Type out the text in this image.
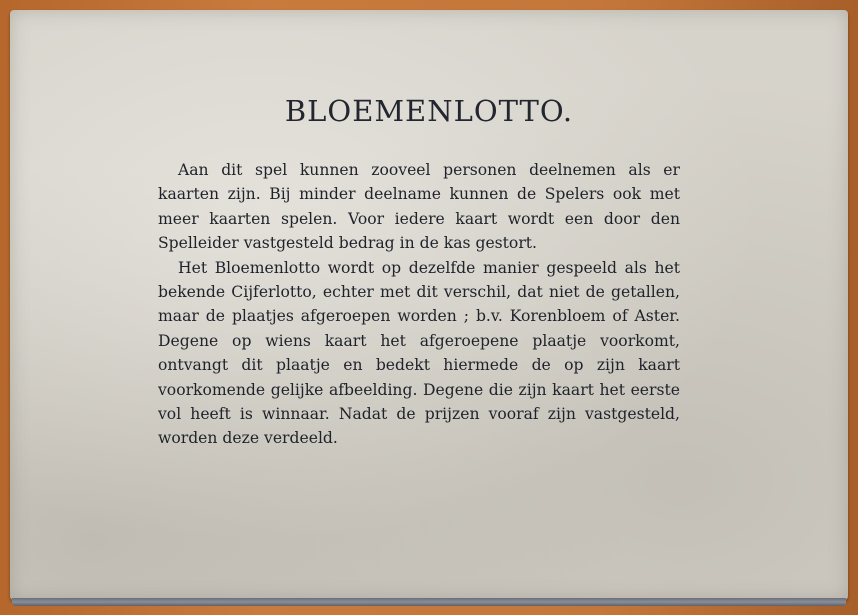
BLOEMENLOTTO.

Aan dit spel kunnen zooveel personen deelnemen als er kaarten zijn. Bij minder deelname kunnen de Spelers ook met meer kaarten spelen. Voor iedere kaart wordt een door den Spelleider vastgesteld bedrag in de kas gestort.

Het Bloemenlotto wordt op dezelfde manier gespeeld als het bekende Cijferlotto, echter met dit verschil, dat niet de getallen, maar de plaatjes afgeroepen worden ; b.v. Korenbloem of Aster. Degene op wiens kaart het afgeroepene plaatje voorkomt, ontvangt dit plaatje en bedekt hiermede de op zijn kaart voorkomende gelijke afbeelding. Degene die zijn kaart het eerste vol heeft is winnaar. Nadat de prijzen vooraf zijn vastgesteld, worden deze verdeeld.
